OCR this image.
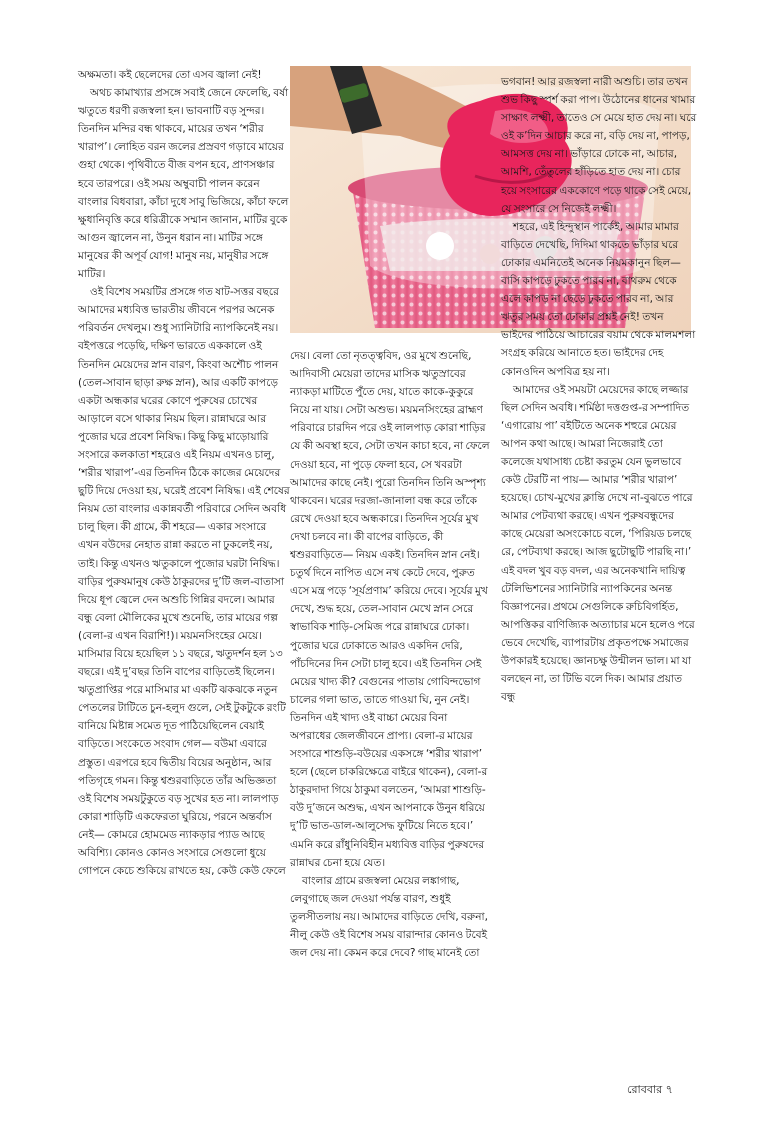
অক্ষমতা। কই ছেলেদের তো এসব জ্বালা নেই!

অথচ কামাখ্যার প্রসঙ্গে সবাই জেনে ফেলেছি, বর্ষা ঋতুতে ধরণী রজস্বলা হন। ভাবনাটি বড় সুন্দর। তিনদিন মন্দির বন্ধ থাকবে, মায়ের তখন ‘শরীর খারাপ’। লোহিত বরন জলের প্রস্রবণ গড়াবে মায়ের গুহা থেকে। পৃথিবীতে বীজ বপন হবে, প্রাণসঞ্চার হবে তারপরে। ওই সময় অম্বুবাচী পালন করেন বাংলার বিধবারা, কাঁচা দুধে সাবু ভিজিয়ে, কাঁচা ফলে ক্ষুধানিবৃত্তি করে ধরিত্রীকে সম্মান জানান, মাটির বুকে আগুন জ্বালেন না, উনুন ধরান না। মাটির সঙ্গে মানুষের কী অপূর্ব যোগ! মানুষ নয়, মানুষীর সঙ্গে মাটির।

ওই বিশেষ সময়টির প্রসঙ্গে গত ষাট-সত্তর বছরে আমাদের মধ্যবিত্ত ভারতীয় জীবনে পরপর অনেক পরিবর্তন দেখলুম। শুধু স্যানিটারি ন্যাপকিনেই নয়। বইপত্তরে পড়েছি, দক্ষিণ ভারতে এককালে ওই তিনদিন মেয়েদের স্নান বারণ, কিংবা অশৌচ পালন (তেল-সাবান ছাড়া রুক্ষ স্নান), আর একটি কাপড়ে একটা অন্ধকার ঘরের কোণে পুরুষের চোখের আড়ালে বসে থাকার নিয়ম ছিল। রান্নাঘরে আর পুজোর ঘরে প্রবেশ নিষিদ্ধ। কিছু কিছু মাড়োয়ারি সংসারে কলকাতা শহরেও এই নিয়ম এখনও চালু, ‘শরীর খারাপ’-এর তিনদিন ঠিকে কাজের মেয়েদের ছুটি দিয়ে দেওয়া হয়, ঘরেই প্রবেশ নিষিদ্ধ। এই শেষের নিয়ম তো বাংলার একান্নবর্তী পরিবারে সেদিন অবধি চালু ছিল। কী গ্রামে, কী শহরে— একার সংসারে এখন বউদের নেহাত রান্না করতে না ঢুকলেই নয়, তাই। কিন্তু এখনও ঋতুকালে পুজোর ঘরটা নিষিদ্ধ। বাড়ির পুরুষমানুষ কেউ ঠাকুরদের দু’টি জল-বাতাসা দিয়ে ধূপ জ্বেলে দেন অশুচি গিন্নির বদলে। আমার বন্ধু বেলা মৌলিকের মুখে শুনেছি, তার মায়ের গল্প (বেলা-র এখন বিরাশি!)। ময়মনসিংহের মেয়ে। মাসিমার বিয়ে হয়েছিল ১১ বছরে, ঋতুদর্শন হল ১৩ বছরে। এই দু’বছর তিনি বাপের বাড়িতেই ছিলেন। ঋতুপ্রাপ্তির পরে মাসিমার মা একটি ঝকঝকে নতুন পেতলের টাটিতে চুন-হলুদ গুলে, সেই টুকটুকে রংটি বানিয়ে মিষ্টান্ন সমেত দূত পাঠিয়েছিলেন বেয়াই বাড়িতে। সংকেতে সংবাদ গেল— বউমা এবারে প্রস্তুত। এরপরে হবে দ্বিতীয় বিয়ের অনুষ্ঠান, আর পতিগৃহে গমন। কিন্তু শ্বশুরবাড়িতে তাঁর অভিজ্ঞতা ওই বিশেষ সময়টুকুতে বড় সুখের হত না। লালপাড় কোরা শাড়িটি একফেরতা ঘুরিয়ে, পরনে অন্তর্বাস নেই— কোমরে হোমমেড ন্যাকড়ার প্যাড আছে অবিশ্যি। কোনও কোনও সংসারে সেগুলো ধুয়ে গোপনে কেচে শুকিয়ে রাখতে হয়, কেউ কেউ ফেলে

দেয়। বেলা তো নৃতত্ত্ববিদ, ওর মুখে শুনেছি, আদিবাসী মেয়েরা তাদের মাসিক ঋতুস্রাবের ন্যাকড়া মাটিতে পুঁতে দেয়, যাতে কাকে-কুকুরে নিয়ে না যায়। সেটা অশুভ। ময়মনসিংহের ব্রাহ্মণ পরিবারে চারদিন পরে ওই লালপাড় কোরা শাড়ির যে কী অবস্থা হবে, সেটা তখন কাচা হবে, না ফেলে দেওয়া হবে, না পুড়ে ফেলা হবে, সে খবরটা আমাদের কাছে নেই। পুরো তিনদিন তিনি অস্পৃশ্য থাকবেন। ঘরের দরজা-জানালা বন্ধ করে তাঁকে রেখে দেওয়া হবে অন্ধকারে। তিনদিন সূর্যের মুখ দেখা চলবে না। কী বাপের বাড়িতে, কী শ্বশুরবাড়িতে— নিয়ম একই। তিনদিন স্নান নেই। চতুর্থ দিনে নাপিত এসে নখ কেটে দেবে, পুরুত এসে মন্ত্র পড়ে ‘সূর্যপ্রণাম’ করিয়ে দেবে। সূর্যের মুখ দেখে, শুদ্ধ হয়ে, তেল-সাবান মেখে স্নান সেরে স্বাভাবিক শাড়ি-সেমিজ পরে রান্নাঘরে ঢোকা। পুজোর ঘরে ঢোকাতে আরও একদিন দেরি, পাঁচদিনের দিন সেটা চালু হবে। এই তিনদিন সেই মেয়ের খাদ্য কী? বেগুনের পাতায় গোবিন্দভোগ চালের গলা ভাত, তাতে গাওয়া ঘি, নুন নেই। তিনদিন এই খাদ্য ওই বাচ্চা মেয়ের বিনা অপরাধের জেলজীবনে প্রাপ্য। বেলা-র মায়ের সংসারে শাশুড়ি-বউয়ের একসঙ্গে ‘শরীর খারাপ’ হলে (ছেলে চাকরিক্ষেত্রে বাইরে থাকেন), বেলা-র ঠাকুরদাদা গিয়ে ঠাকুমা বলতেন, ‘আমরা শাশুড়ি-বউ দু’জনে অশুদ্ধ, এখন আপনাকে উনুন ধরিয়ে দু’টি ভাত-ডাল-আলুসেদ্ধ ফুটিয়ে নিতে হবে।’ এমনি করে রাঁধুনিবিহীন মধ্যবিত্ত বাড়ির পুরুষদের রান্নাঘর চেনা হয়ে যেত।

বাংলার গ্রামে রজস্বলা মেয়ের লঙ্কাগাছ, লেবুগাছে জল দেওয়া পর্যন্ত বারণ, শুধুই তুলসীতলায় নয়। আমাদের বাড়িতে দেখি, বরুনা, নীলু কেউ ওই বিশেষ সময় বারান্দার কোনও টবেই জল দেয় না। কেমন করে দেবে? গাছ মানেই তো

ভগবান! আর রজস্বলা নারী অশুচি। তার তখন শুভ কিছু স্পর্শ করা পাপ। উঠোনের ধানের খামার সাক্ষাৎ লক্ষ্মী, তাতেও সে মেয়ে হাত দেয় না। ঘরে ওই ক’দিন আচার করে না, বড়ি দেয় না, পাপড়, আমসত্ত দেয় না। ভাঁড়ারে ঢোকে না, আচার, আমশি, তেঁতুলের হাঁড়িতে হাত দেয় না। চোর হয়ে সংসারের এককোণে পড়ে থাকে সেই মেয়ে, যে সংসারে সে নিজেই লক্ষ্মী।

শহরে, এই হিন্দুস্থান পার্কেই, আমার মামার বাড়িতে দেখেছি, দিদিমা থাকতে ভাঁড়ার ঘরে ঢোকার এমনিতেই অনেক নিয়মকানুন ছিল— বাসি কাপড়ে ঢুকতে পারব না, বাথরুম থেকে এলে কাপড় না ছেড়ে ঢুকতে পারব না, আর ঋতুর সময় তো ঢোকার প্রশ্নই নেই! তখন ভাইদের পাঠিয়ে আচারের বয়াম থেকে মালমশলা সংগ্রহ করিয়ে আনাতে হত। ভাইদের দেহ কোনওদিন অপবিত্র হয় না।

আমাদের ওই সময়টা মেয়েদের কাছে লজ্জার ছিল সেদিন অবধি। শর্মিষ্ঠা দত্তগুপ্ত-র সম্পাদিত ‘এগারোয় পা’ বইটিতে অনেক শহুরে মেয়ের আপন কথা আছে। আমরা নিজেরাই তো কলেজে যথাসাধ্য চেষ্টা করতুম যেন ভুলভাবে কেউ টেরটি না পায়— আমার ‘শরীর খারাপ’ হয়েছে। চোখ-মুখের ক্লান্তি দেখে না-বুঝতে পারে আমার পেটব্যথা করছে। এখন পুরুষবন্ধুদের কাছে মেয়েরা অসংকোচে বলে, ‘পিরিয়ড চলছে রে, পেটব্যথা করছে। আজ ছুটোছুটি পারছি না।’ এই বদল খুব বড় বদল, এর অনেকখানি দায়িত্ব টেলিভিশনের স্যানিটারি ন্যাপকিনের অনন্ত বিজ্ঞাপনের। প্রথমে সেগুলিকে রুচিবিগর্হিত, আপত্তিকর বাণিজ্যিক অত্যাচার মনে হলেও পরে ভেবে দেখেছি, ব্যাপারটায় প্রকৃতপক্ষে সমাজের উপকারই হয়েছে। জ্ঞানচক্ষু উন্মীলন ভাল। মা যা বলছেন না, তা টিভি বলে দিক। আমার প্রয়াত বন্ধু

রোববার ৭
